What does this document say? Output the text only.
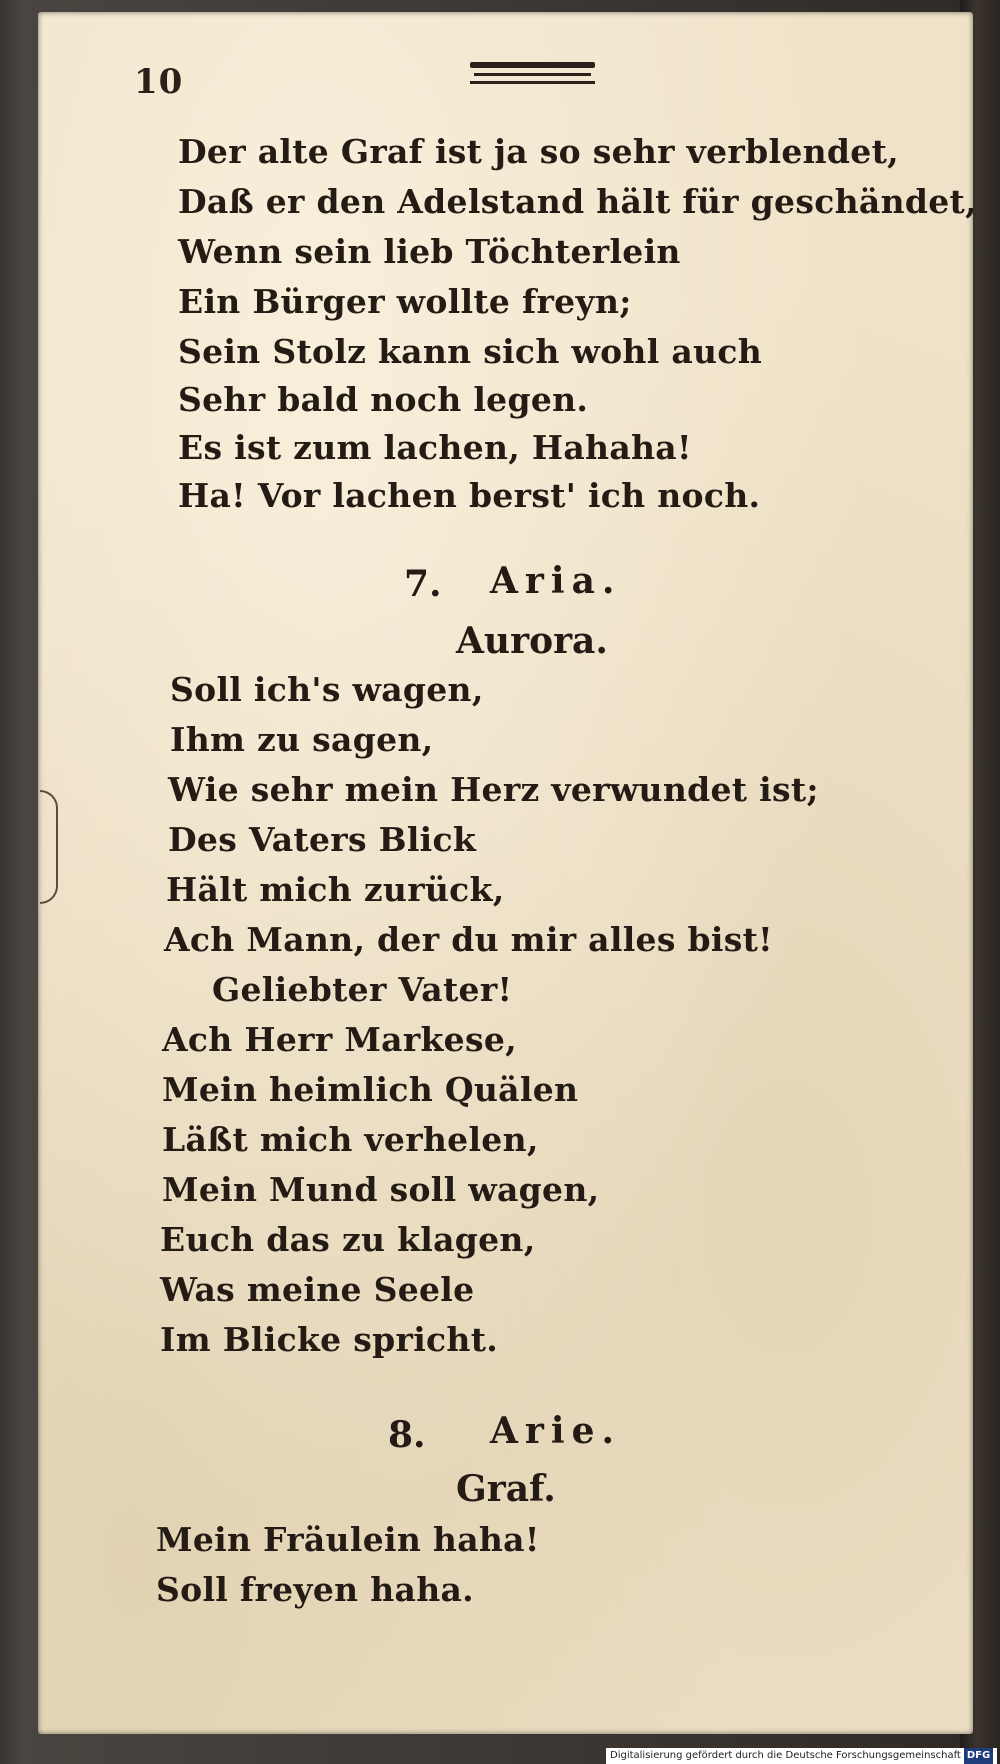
10
Der alte Graf ist ja so sehr verblendet,
Daß er den Adelstand hält für geschändet,
Wenn sein lieb Töchterlein
Ein Bürger wollte freyn;
Sein Stolz kann sich wohl auch
Sehr bald noch legen.
Es ist zum lachen, Hahaha!
Ha! Vor lachen berst' ich noch.
7. Aria.
Aurora.
Soll ich's wagen,
Ihm zu sagen,
Wie sehr mein Herz verwundet ist;
Des Vaters Blick
Hält mich zurück,
Ach Mann, der du mir alles bist!
Geliebter Vater!
Ach Herr Markese,
Mein heimlich Quälen
Läßt mich verhelen,
Mein Mund soll wagen,
Euch das zu klagen,
Was meine Seele
Im Blicke spricht.
8. Arie.
Graf.
Mein Fräulein haha!
Soll freyen haha.
Digitalisierung gefördert durch die Deutsche Forschungsgemeinschaft DFG
